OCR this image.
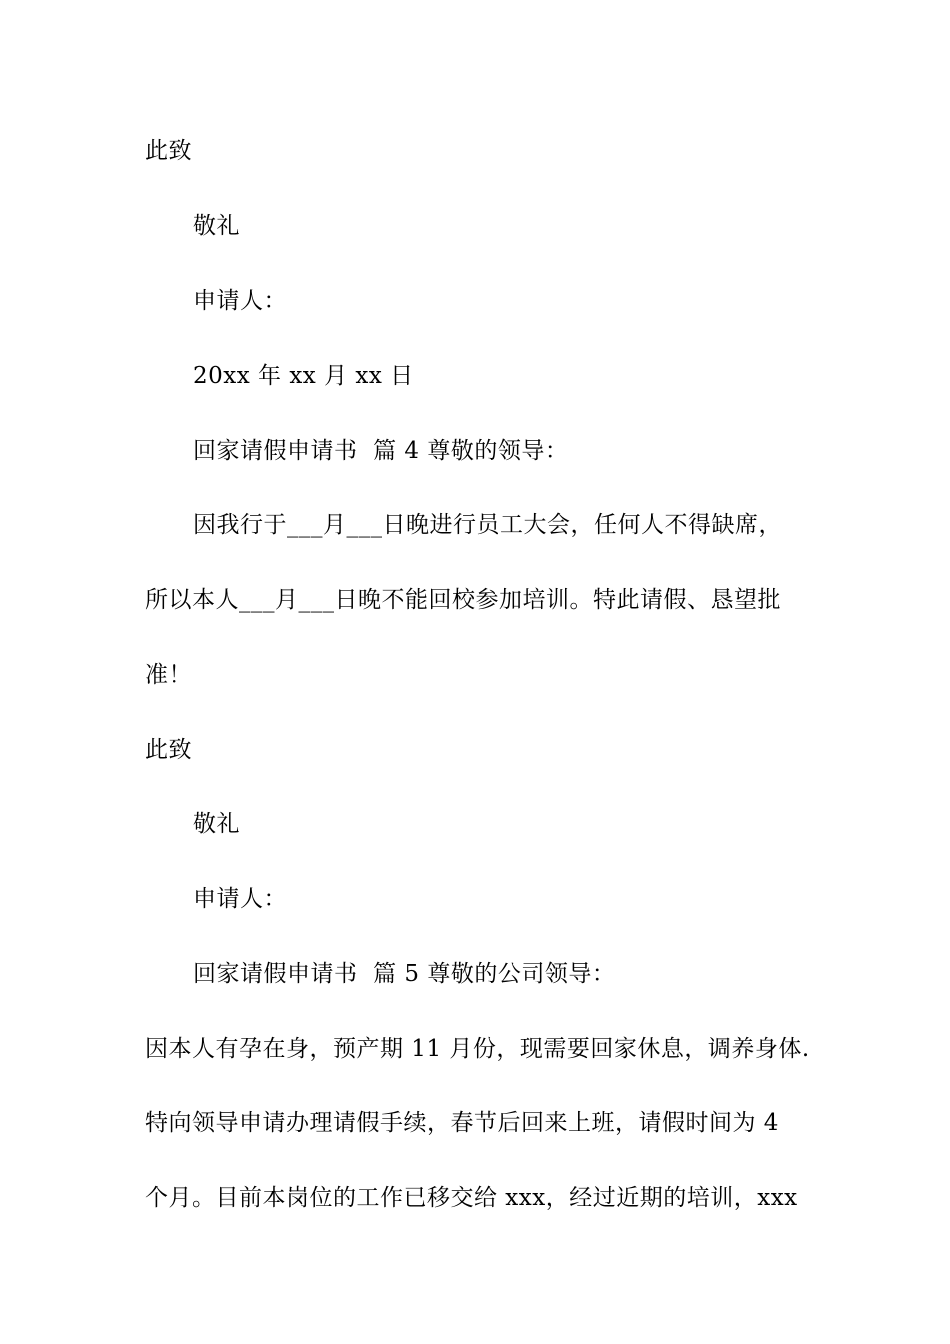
此致
敬礼
申请人：
20xx 年 xx 月 xx 日
回家请假申请书  篇 4 尊敬的领导：
因我行于___月___日晚进行员工大会，任何人不得缺席，
所以本人___月___日晚不能回校参加培训。特此请假、恳望批
准！
此致
敬礼
申请人：
回家请假申请书  篇 5 尊敬的公司领导：
因本人有孕在身，预产期 11 月份，现需要回家休息，调养身体.
特向领导申请办理请假手续，春节后回来上班，请假时间为 4
个月。目前本岗位的工作已移交给 xxx，经过近期的培训，xxx
